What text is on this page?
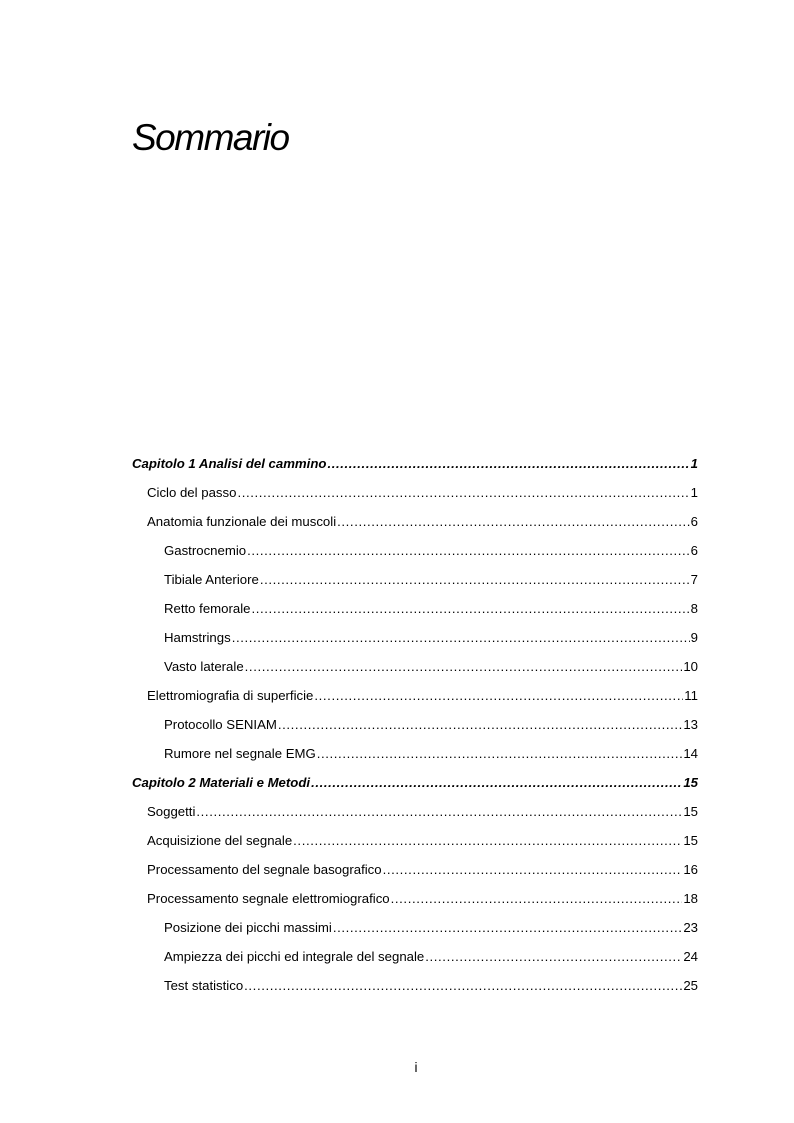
Sommario
Capitolo 1 Analisi del cammino .....	1
Ciclo del passo .....	1
Anatomia funzionale dei muscoli .....	6
Gastrocnemio .....	6
Tibiale Anteriore .....	7
Retto femorale .....	8
Hamstrings .....	9
Vasto laterale .....	10
Elettromiografia di superficie .....	11
Protocollo SENIAM .....	13
Rumore nel segnale EMG .....	14
Capitolo 2 Materiali e Metodi .....	15
Soggetti .....	15
Acquisizione del segnale .....	15
Processamento del segnale basografico .....	16
Processamento segnale elettromiografico .....	18
Posizione dei picchi massimi .....	23
Ampiezza dei picchi ed integrale del segnale .....	24
Test statistico .....	25
i
